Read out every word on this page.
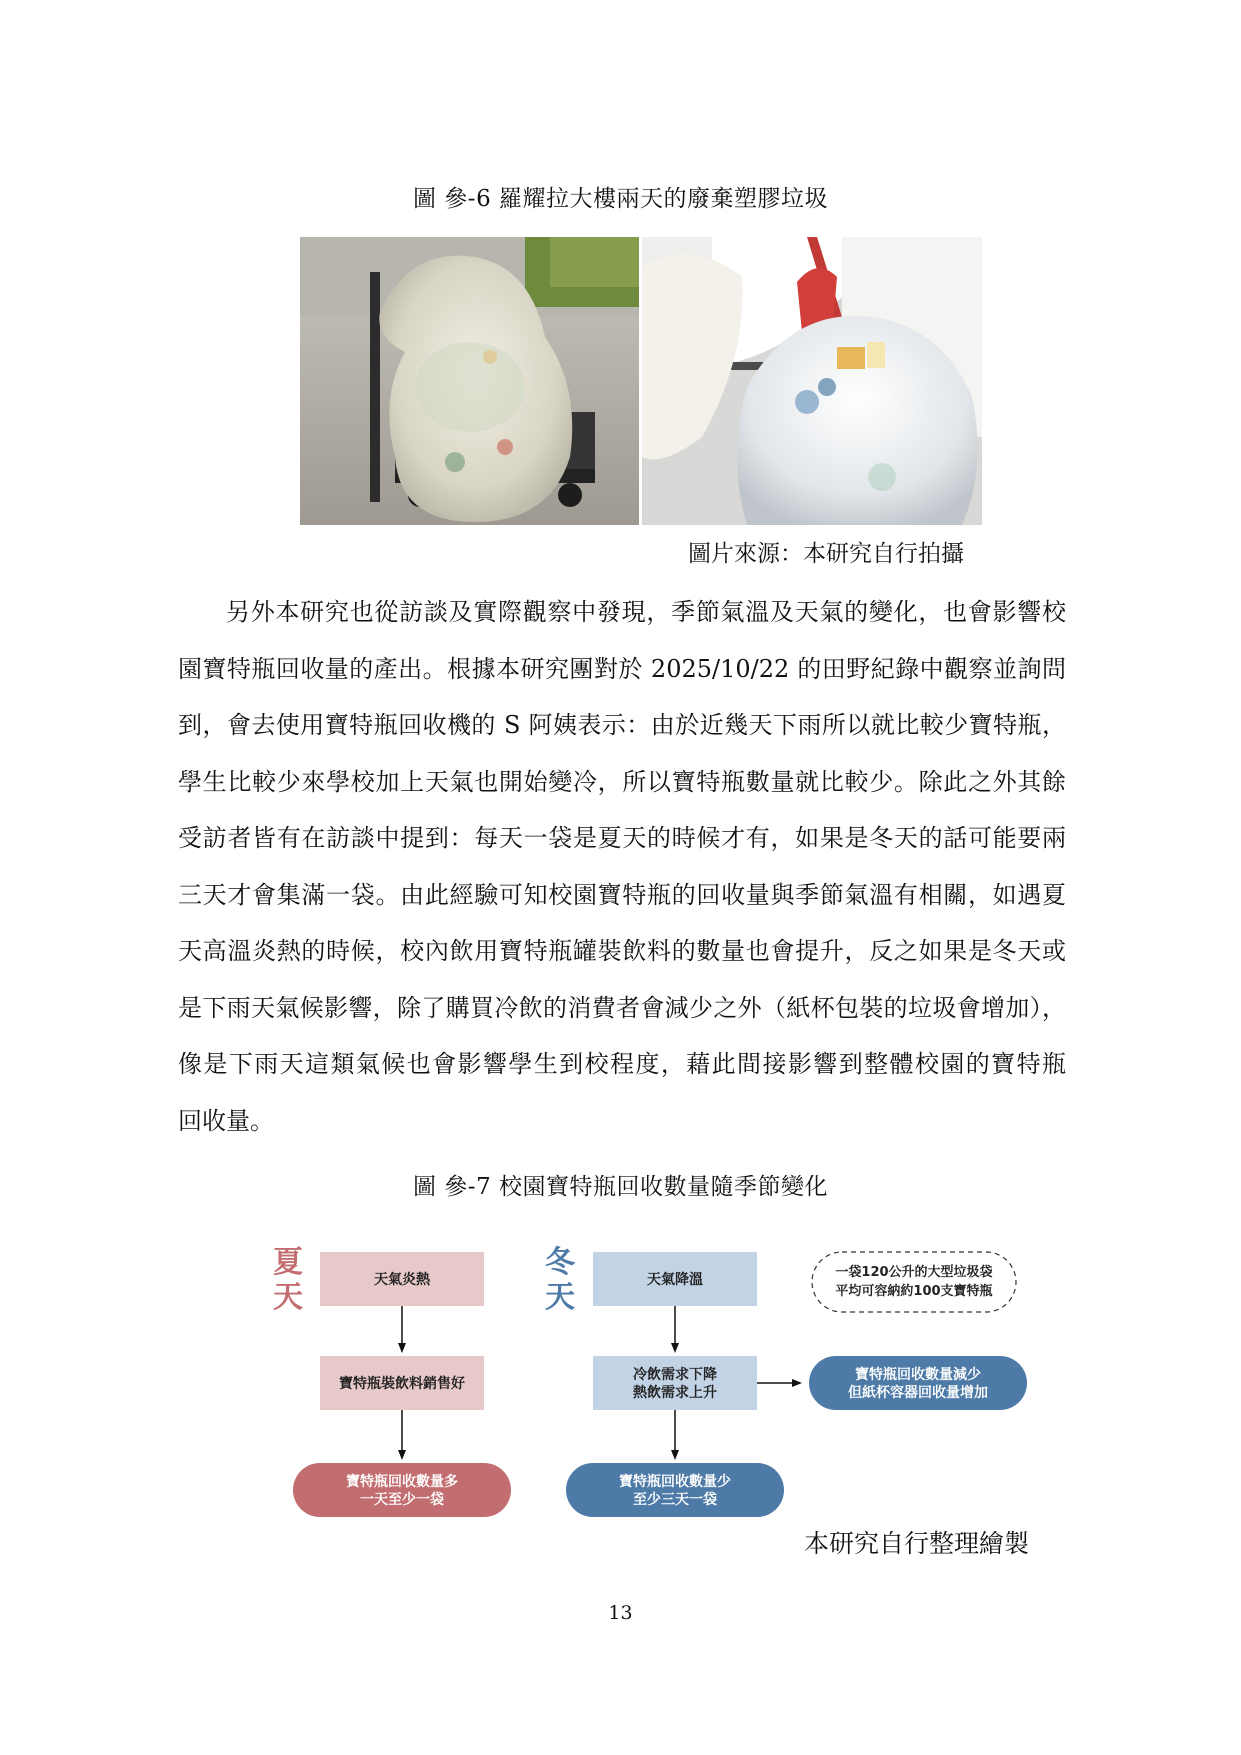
圖 參-6 羅耀拉大樓兩天的廢棄塑膠垃圾
圖片來源：本研究自行拍攝
另外本研究也從訪談及實際觀察中發現，季節氣溫及天氣的變化，也會影響校
園寶特瓶回收量的產出。根據本研究團對於 2025/10/22 的田野紀錄中觀察並詢問
到，會去使用寶特瓶回收機的 S 阿姨表示：由於近幾天下雨所以就比較少寶特瓶，
學生比較少來學校加上天氣也開始變冷，所以寶特瓶數量就比較少。除此之外其餘
受訪者皆有在訪談中提到：每天一袋是夏天的時候才有，如果是冬天的話可能要兩
三天才會集滿一袋。由此經驗可知校園寶特瓶的回收量與季節氣溫有相關，如遇夏
天高溫炎熱的時候，校內飲用寶特瓶罐裝飲料的數量也會提升，反之如果是冬天或
是下雨天氣候影響，除了購買冷飲的消費者會減少之外（紙杯包裝的垃圾會增加），
像是下雨天這類氣候也會影響學生到校程度，藉此間接影響到整體校園的寶特瓶
回收量。
圖 參-7 校園寶特瓶回收數量隨季節變化
夏
天	天氣炎熱
寶特瓶裝飲料銷售好
寶特瓶回收數量多
一天至少一袋
冬
天	天氣降溫
冷飲需求下降
熱飲需求上升
寶特瓶回收數量少
至少三天一袋
寶特瓶回收數量減少
但紙杯容器回收量增加
一袋120公升的大型垃圾袋
平均可容納約100支寶特瓶
本研究自行整理繪製
13
